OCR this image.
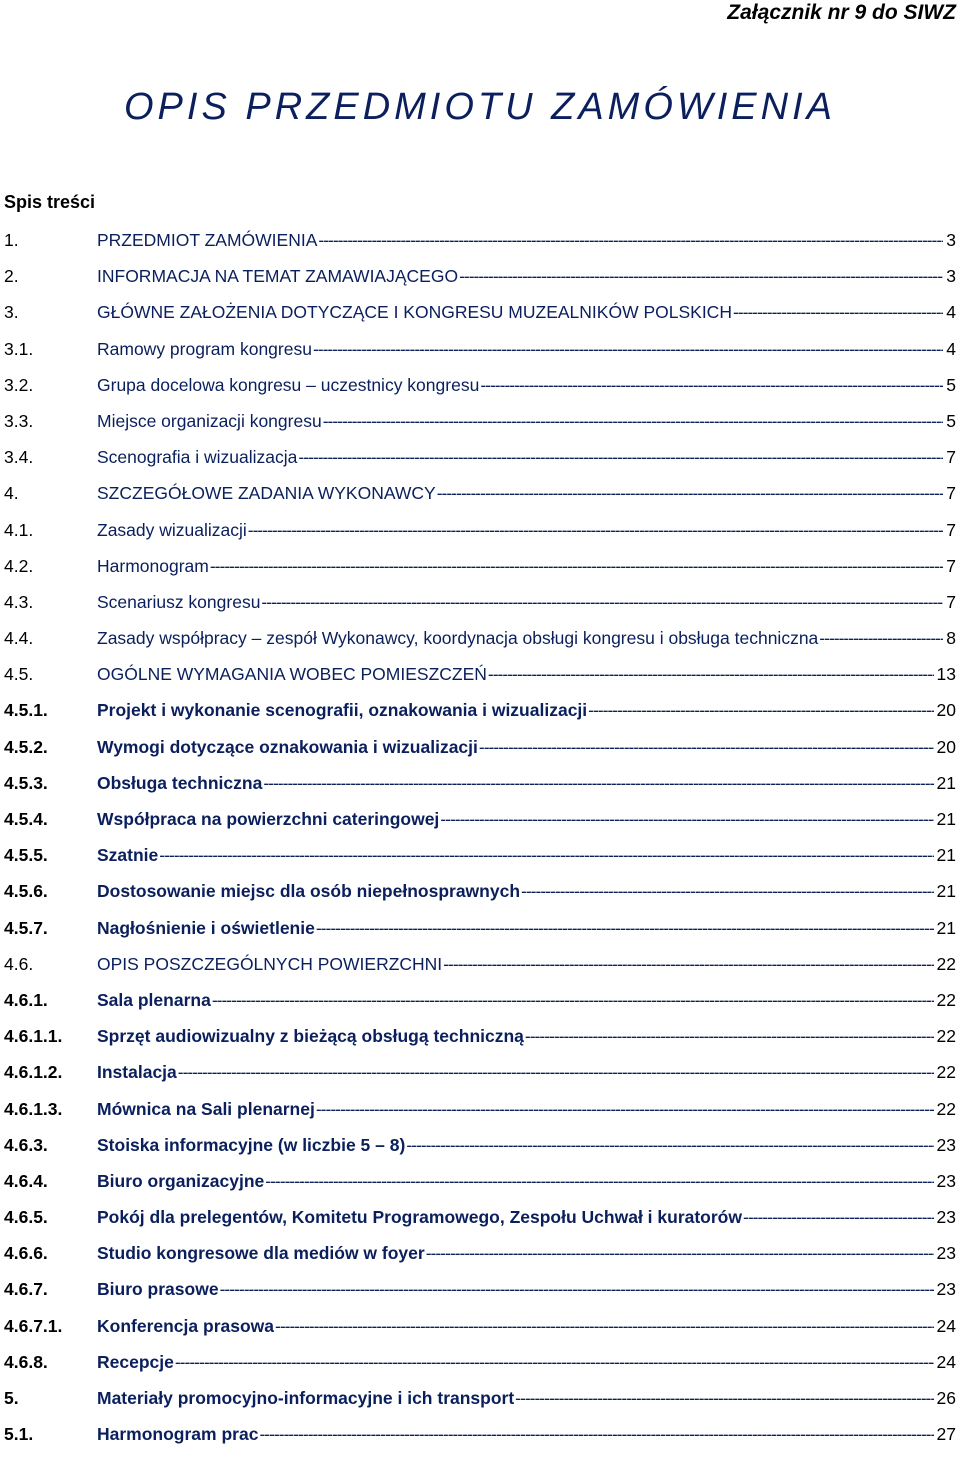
Załącznik nr 9 do SIWZ
OPIS PRZEDMIOTU ZAMÓWIENIA
Spis treści
1.	PRZEDMIOT ZAMÓWIENIA -----	3
2.	INFORMACJA NA TEMAT ZAMAWIAJĄCEGO -----	3
3.	GŁÓWNE ZAŁOŻENIA DOTYCZĄCE I KONGRESU MUZEALNIKÓW POLSKICH -----	4
3.1.	Ramowy program kongresu -----	4
3.2.	Grupa docelowa kongresu – uczestnicy kongresu -----	5
3.3.	Miejsce organizacji kongresu -----	5
3.4.	Scenografia i wizualizacja -----	7
4.	SZCZEGÓŁOWE ZADANIA WYKONAWCY -----	7
4.1.	Zasady wizualizacji -----	7
4.2.	Harmonogram -----	7
4.3.	Scenariusz kongresu -----	7
4.4.	Zasady współpracy – zespół Wykonawcy, koordynacja obsługi kongresu i obsługa techniczna -----	8
4.5.	OGÓLNE WYMAGANIA WOBEC POMIESZCZEŃ -----	13
4.5.1.	Projekt i wykonanie scenografii, oznakowania i wizualizacji -----	20
4.5.2.	Wymogi dotyczące oznakowania i wizualizacji -----	20
4.5.3.	Obsługa techniczna -----	21
4.5.4.	Współpraca na powierzchni cateringowej -----	21
4.5.5.	Szatnie -----	21
4.5.6.	Dostosowanie miejsc dla osób niepełnosprawnych -----	21
4.5.7.	Nagłośnienie i oświetlenie -----	21
4.6.	OPIS POSZCZEGÓLNYCH POWIERZCHNI -----	22
4.6.1.	Sala plenarna -----	22
4.6.1.1.	Sprzęt audiowizualny z bieżącą obsługą techniczną -----	22
4.6.1.2.	Instalacja -----	22
4.6.1.3.	Mównica na Sali plenarnej -----	22
4.6.3.	Stoiska informacyjne (w liczbie 5 – 8) -----	23
4.6.4.	Biuro organizacyjne -----	23
4.6.5.	Pokój dla prelegentów, Komitetu Programowego, Zespołu Uchwał i kuratorów -----	23
4.6.6.	Studio kongresowe dla mediów w foyer -----	23
4.6.7.	Biuro prasowe -----	23
4.6.7.1.	Konferencja prasowa -----	24
4.6.8.	Recepcje -----	24
5.	Materiały promocyjno-informacyjne i ich transport -----	26
5.1.	Harmonogram prac -----	27
